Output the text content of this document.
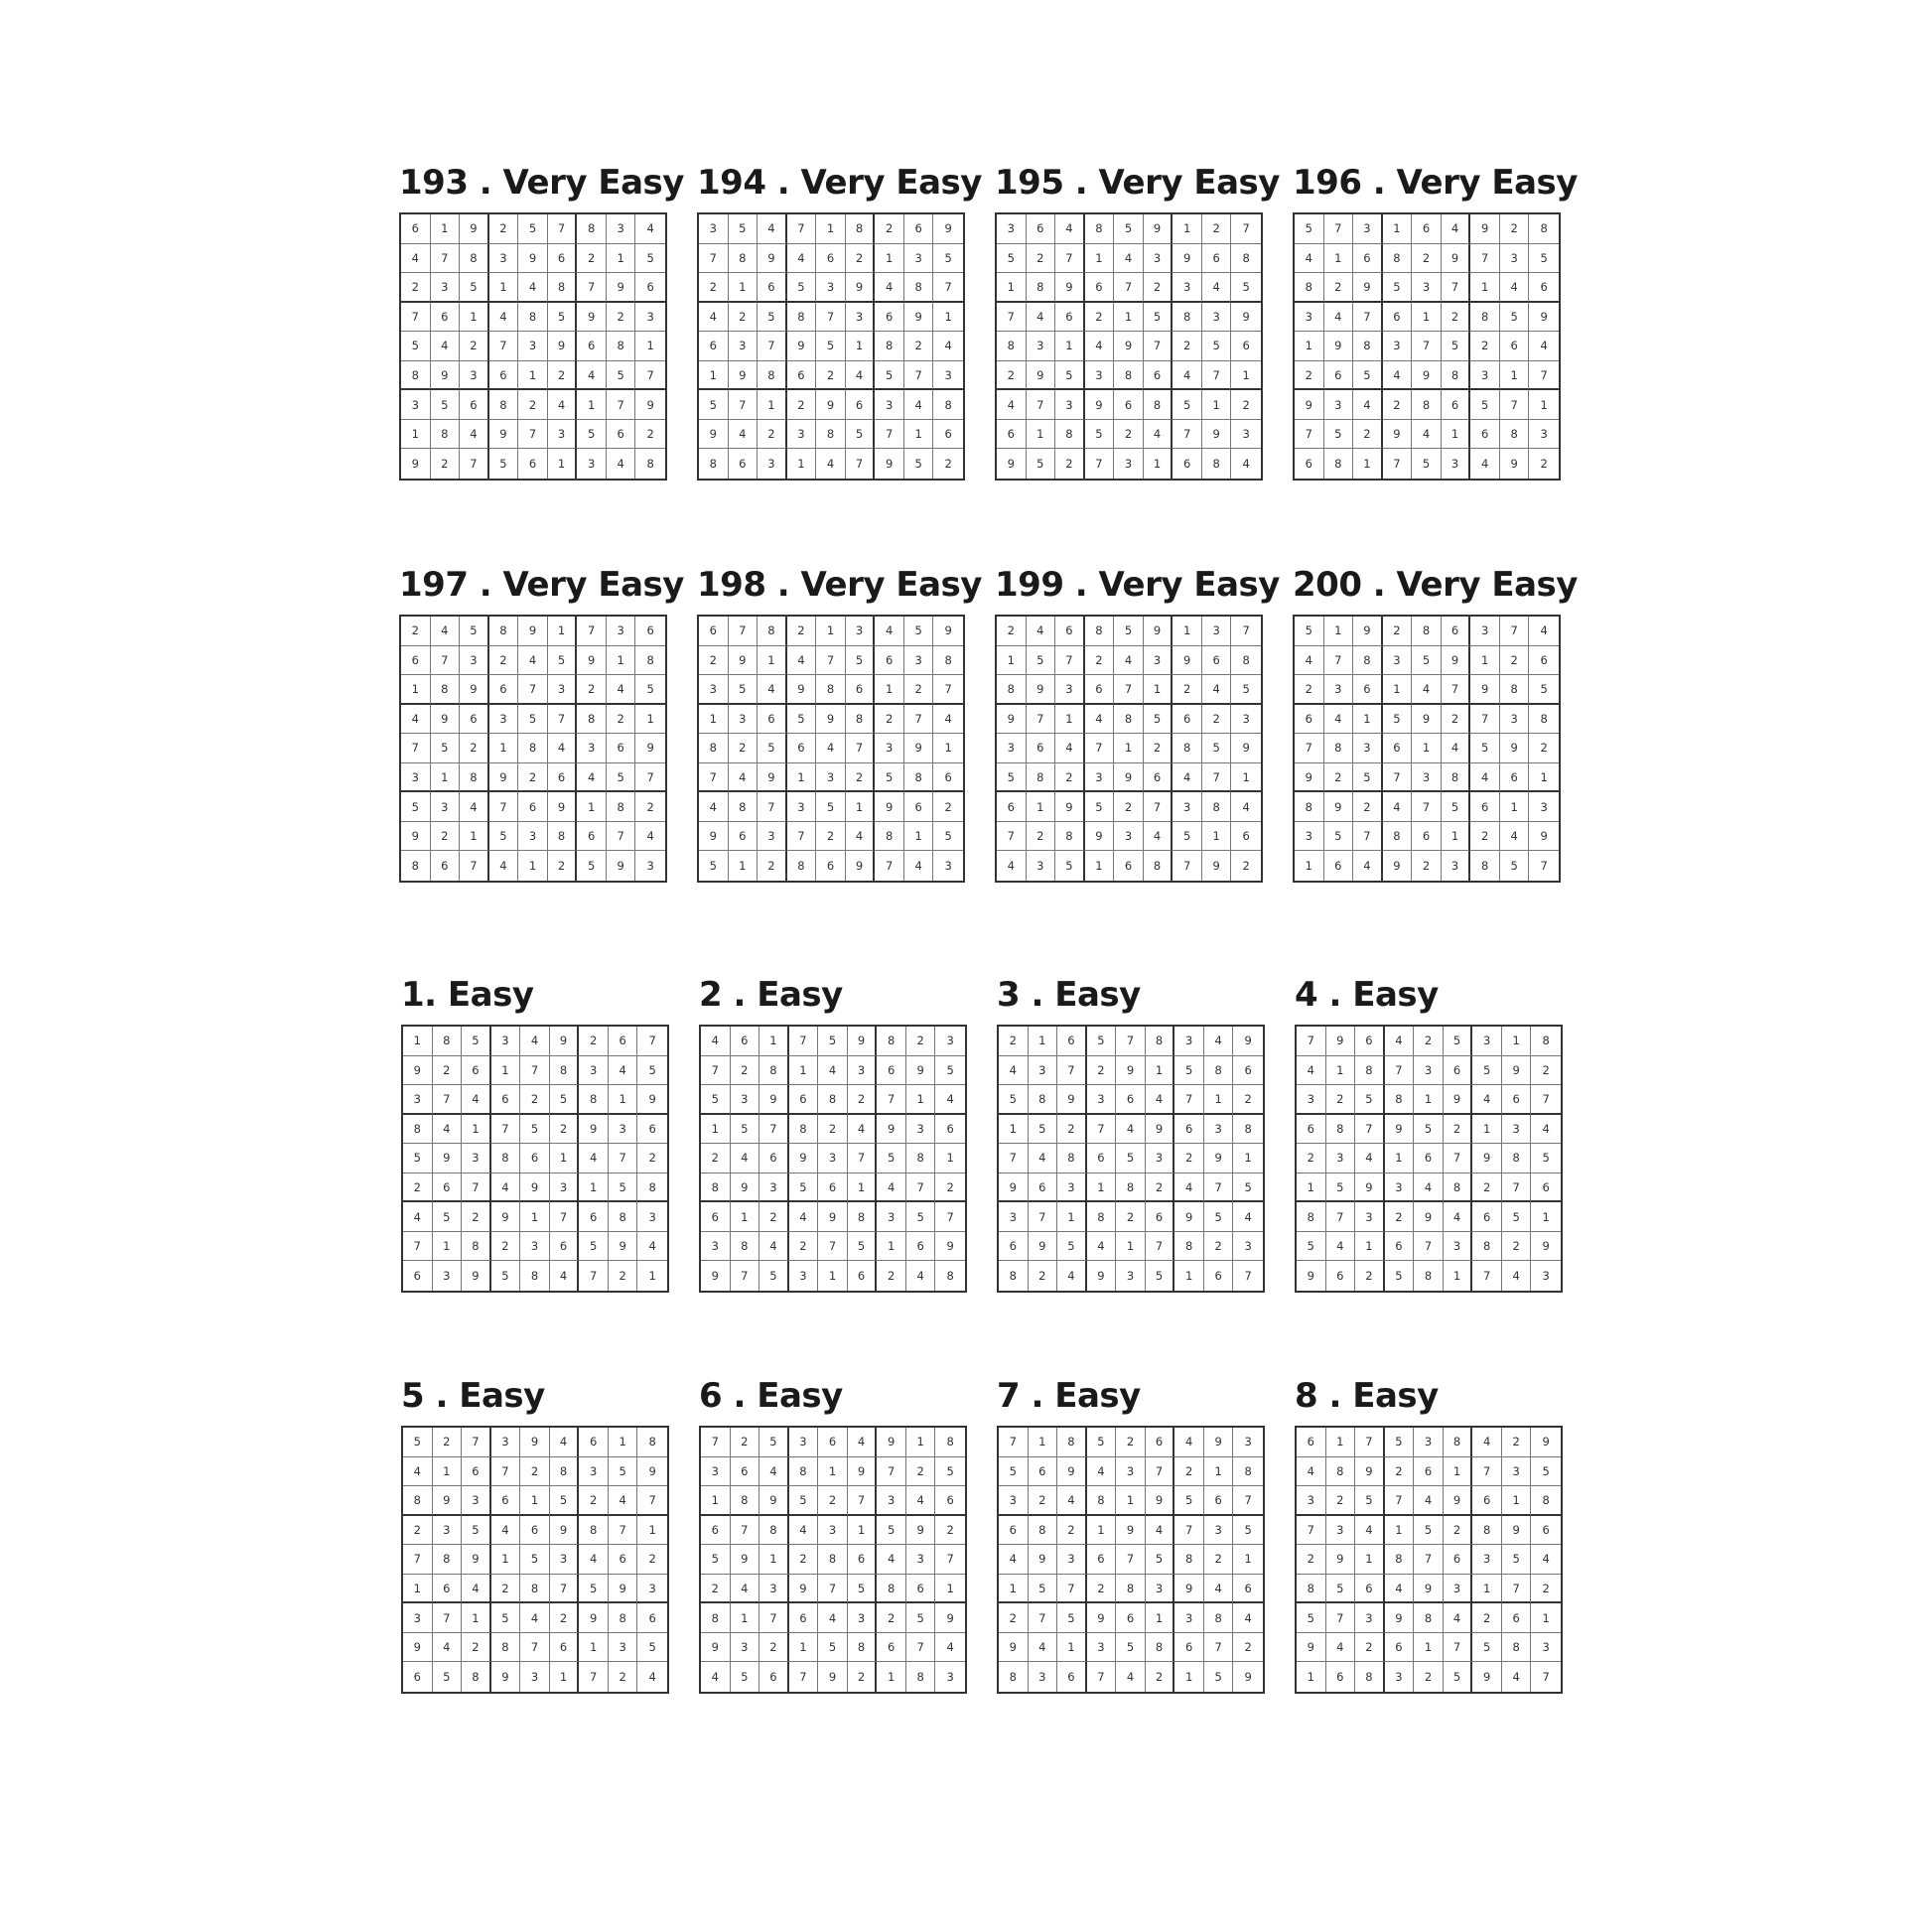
193 . Very Easy
6	1	9	2	5	7	8	3	4
4	7	8	3	9	6	2	1	5
2	3	5	1	4	8	7	9	6
7	6	1	4	8	5	9	2	3
5	4	2	7	3	9	6	8	1
8	9	3	6	1	2	4	5	7
3	5	6	8	2	4	1	7	9
1	8	4	9	7	3	5	6	2
9	2	7	5	6	1	3	4	8
194 . Very Easy
3	5	4	7	1	8	2	6	9
7	8	9	4	6	2	1	3	5
2	1	6	5	3	9	4	8	7
4	2	5	8	7	3	6	9	1
6	3	7	9	5	1	8	2	4
1	9	8	6	2	4	5	7	3
5	7	1	2	9	6	3	4	8
9	4	2	3	8	5	7	1	6
8	6	3	1	4	7	9	5	2
195 . Very Easy
3	6	4	8	5	9	1	2	7
5	2	7	1	4	3	9	6	8
1	8	9	6	7	2	3	4	5
7	4	6	2	1	5	8	3	9
8	3	1	4	9	7	2	5	6
2	9	5	3	8	6	4	7	1
4	7	3	9	6	8	5	1	2
6	1	8	5	2	4	7	9	3
9	5	2	7	3	1	6	8	4
196 . Very Easy
5	7	3	1	6	4	9	2	8
4	1	6	8	2	9	7	3	5
8	2	9	5	3	7	1	4	6
3	4	7	6	1	2	8	5	9
1	9	8	3	7	5	2	6	4
2	6	5	4	9	8	3	1	7
9	3	4	2	8	6	5	7	1
7	5	2	9	4	1	6	8	3
6	8	1	7	5	3	4	9	2
197 . Very Easy
2	4	5	8	9	1	7	3	6
6	7	3	2	4	5	9	1	8
1	8	9	6	7	3	2	4	5
4	9	6	3	5	7	8	2	1
7	5	2	1	8	4	3	6	9
3	1	8	9	2	6	4	5	7
5	3	4	7	6	9	1	8	2
9	2	1	5	3	8	6	7	4
8	6	7	4	1	2	5	9	3
198 . Very Easy
6	7	8	2	1	3	4	5	9
2	9	1	4	7	5	6	3	8
3	5	4	9	8	6	1	2	7
1	3	6	5	9	8	2	7	4
8	2	5	6	4	7	3	9	1
7	4	9	1	3	2	5	8	6
4	8	7	3	5	1	9	6	2
9	6	3	7	2	4	8	1	5
5	1	2	8	6	9	7	4	3
199 . Very Easy
2	4	6	8	5	9	1	3	7
1	5	7	2	4	3	9	6	8
8	9	3	6	7	1	2	4	5
9	7	1	4	8	5	6	2	3
3	6	4	7	1	2	8	5	9
5	8	2	3	9	6	4	7	1
6	1	9	5	2	7	3	8	4
7	2	8	9	3	4	5	1	6
4	3	5	1	6	8	7	9	2
200 . Very Easy
5	1	9	2	8	6	3	7	4
4	7	8	3	5	9	1	2	6
2	3	6	1	4	7	9	8	5
6	4	1	5	9	2	7	3	8
7	8	3	6	1	4	5	9	2
9	2	5	7	3	8	4	6	1
8	9	2	4	7	5	6	1	3
3	5	7	8	6	1	2	4	9
1	6	4	9	2	3	8	5	7
1. Easy
1	8	5	3	4	9	2	6	7
9	2	6	1	7	8	3	4	5
3	7	4	6	2	5	8	1	9
8	4	1	7	5	2	9	3	6
5	9	3	8	6	1	4	7	2
2	6	7	4	9	3	1	5	8
4	5	2	9	1	7	6	8	3
7	1	8	2	3	6	5	9	4
6	3	9	5	8	4	7	2	1
2 . Easy
4	6	1	7	5	9	8	2	3
7	2	8	1	4	3	6	9	5
5	3	9	6	8	2	7	1	4
1	5	7	8	2	4	9	3	6
2	4	6	9	3	7	5	8	1
8	9	3	5	6	1	4	7	2
6	1	2	4	9	8	3	5	7
3	8	4	2	7	5	1	6	9
9	7	5	3	1	6	2	4	8
3 . Easy
2	1	6	5	7	8	3	4	9
4	3	7	2	9	1	5	8	6
5	8	9	3	6	4	7	1	2
1	5	2	7	4	9	6	3	8
7	4	8	6	5	3	2	9	1
9	6	3	1	8	2	4	7	5
3	7	1	8	2	6	9	5	4
6	9	5	4	1	7	8	2	3
8	2	4	9	3	5	1	6	7
4 . Easy
7	9	6	4	2	5	3	1	8
4	1	8	7	3	6	5	9	2
3	2	5	8	1	9	4	6	7
6	8	7	9	5	2	1	3	4
2	3	4	1	6	7	9	8	5
1	5	9	3	4	8	2	7	6
8	7	3	2	9	4	6	5	1
5	4	1	6	7	3	8	2	9
9	6	2	5	8	1	7	4	3
5 . Easy
5	2	7	3	9	4	6	1	8
4	1	6	7	2	8	3	5	9
8	9	3	6	1	5	2	4	7
2	3	5	4	6	9	8	7	1
7	8	9	1	5	3	4	6	2
1	6	4	2	8	7	5	9	3
3	7	1	5	4	2	9	8	6
9	4	2	8	7	6	1	3	5
6	5	8	9	3	1	7	2	4
6 . Easy
7	2	5	3	6	4	9	1	8
3	6	4	8	1	9	7	2	5
1	8	9	5	2	7	3	4	6
6	7	8	4	3	1	5	9	2
5	9	1	2	8	6	4	3	7
2	4	3	9	7	5	8	6	1
8	1	7	6	4	3	2	5	9
9	3	2	1	5	8	6	7	4
4	5	6	7	9	2	1	8	3
7 . Easy
7	1	8	5	2	6	4	9	3
5	6	9	4	3	7	2	1	8
3	2	4	8	1	9	5	6	7
6	8	2	1	9	4	7	3	5
4	9	3	6	7	5	8	2	1
1	5	7	2	8	3	9	4	6
2	7	5	9	6	1	3	8	4
9	4	1	3	5	8	6	7	2
8	3	6	7	4	2	1	5	9
8 . Easy
6	1	7	5	3	8	4	2	9
4	8	9	2	6	1	7	3	5
3	2	5	7	4	9	6	1	8
7	3	4	1	5	2	8	9	6
2	9	1	8	7	6	3	5	4
8	5	6	4	9	3	1	7	2
5	7	3	9	8	4	2	6	1
9	4	2	6	1	7	5	8	3
1	6	8	3	2	5	9	4	7
